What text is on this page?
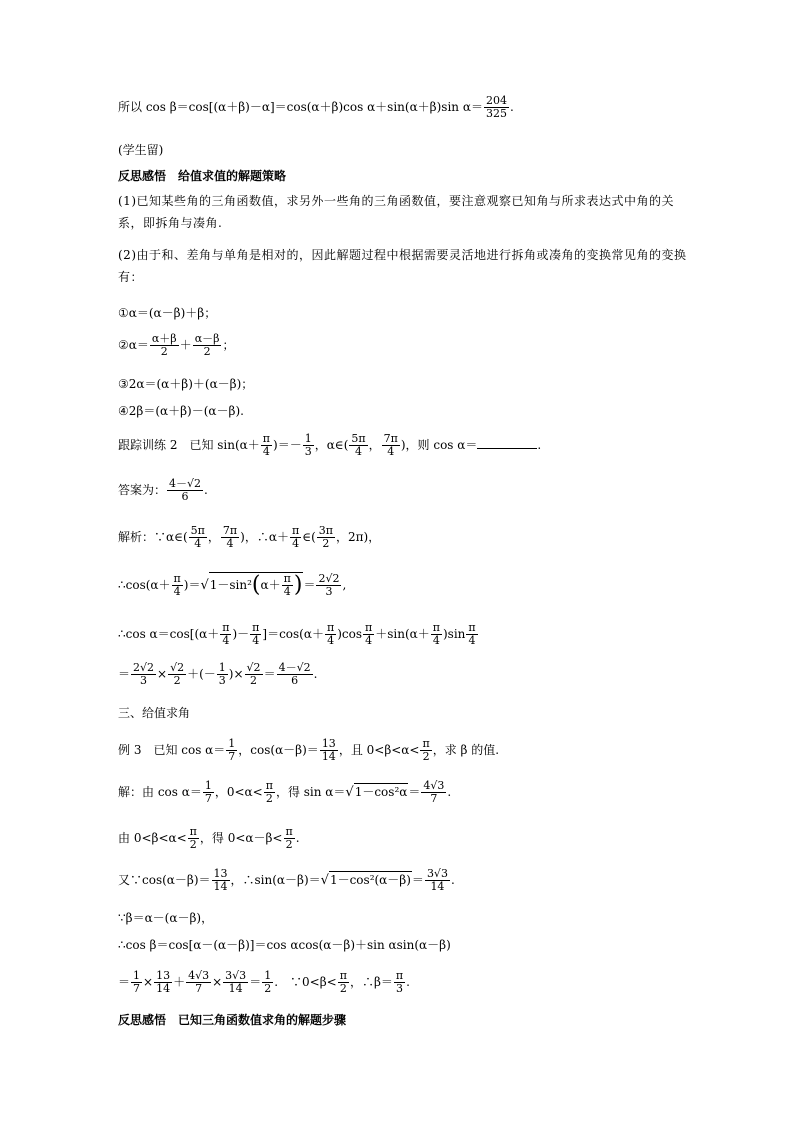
所以 cos β＝cos[(α＋β)－α]＝cos(α＋β)cos α＋sin(α＋β)sin $\alpha= \frac{204}{325}$ .
(学生留)
反思感悟　 给值求值的解题策略
(1)已知某些角的三角函数值，求另外一些角的三角函数值，要注意观察已知角与所求表达式中角的关系，即拆角与凑角.
(2)由于和、差角与单角是相对的，因此解题过程中根据需要灵活地进行拆角或凑角的变换常见角的变换有：
①α＝(α－β)＋β；
②α＝ $\frac{\alpha+\beta}{2} + \frac{\alpha-\beta}{2}$ ；
③2α＝(α＋β)＋(α－β)；
④2β＝(α＋β)－(α－β).
跟踪训练 2　已知 $\sin(\alpha+ \frac{\pi}{4}$ )＝－ $\frac{1}{3}$ ，α∈( $\frac{5\pi}{4}$ ， $\frac{7\pi}{4}$ )，则 cos α＝	.
答案为： $\frac{4-√2}{6}$ .
解析：∵α∈( $\frac{5\pi}{4}$ ， $\frac{7\pi}{4}$ )，∴α＋ $\frac{\pi}{4}$ ∈( $\frac{3\pi}{2}$ ，2π)，
∴cos(α＋ $\frac{\pi}{4} )=√1-\sin^2(\alpha+ \frac{\pi}{4}$ )＝ $\frac{2√2}{3}$ ,
∴cos $\alpha=\cos[(\alpha+ \frac{\pi}{4}$ )－ $\frac{\pi}{4} ]=\cos(\alpha+ \frac{\pi}{4} )\cos \frac{\pi}{4} +\sin(\alpha+ \frac{\pi}{4} )\sin \frac{\pi}{4}$
＝ $\frac{2√2}{3} \times \frac{√2}{2}$ ＋(－ $\frac{1}{3}$ )× $\frac{√2}{2} = \frac{4-√2}{6}$ .
三、给值求角
例 3　已知 $\cos \alpha= \frac{1}{7}$ ，$\cos(\alpha-\beta)= \frac{13}{14}$ ，且 $0<\beta<\alpha< \frac{\pi}{2}$ ，求 β 的值.
解：由 $\cos \alpha= \frac{1}{7}$ ，$0<\alpha< \frac{\pi}{2}$ ，得 $\sin \alpha=√1-\cos^2\alpha= \frac{4√3}{7}$ .
由 $0<\beta<\alpha< \frac{\pi}{2}$ ，得 $0<\alpha-\beta< \frac{\pi}{2}$ .
又∵cos(α－β)＝ $\frac{13}{14}$ ，∴sin(α－β)＝√1－cos²(α－β)＝ $\frac{3√3}{14}$ .
∵β＝α－(α－β)，
∴cos β＝cos[α－(α－β)]＝cos αcos(α－β)＋sin αsin(α－β)
＝ $\frac{1}{7} \times \frac{13}{14} + \frac{4√3}{7} \times \frac{3√3}{14} = \frac{1}{2}$ .　∵0<β< $\frac{\pi}{2}$ ，∴β＝ $\frac{\pi}{3}$ .
反思感悟　 已知三角函数值求角的解题步骤
